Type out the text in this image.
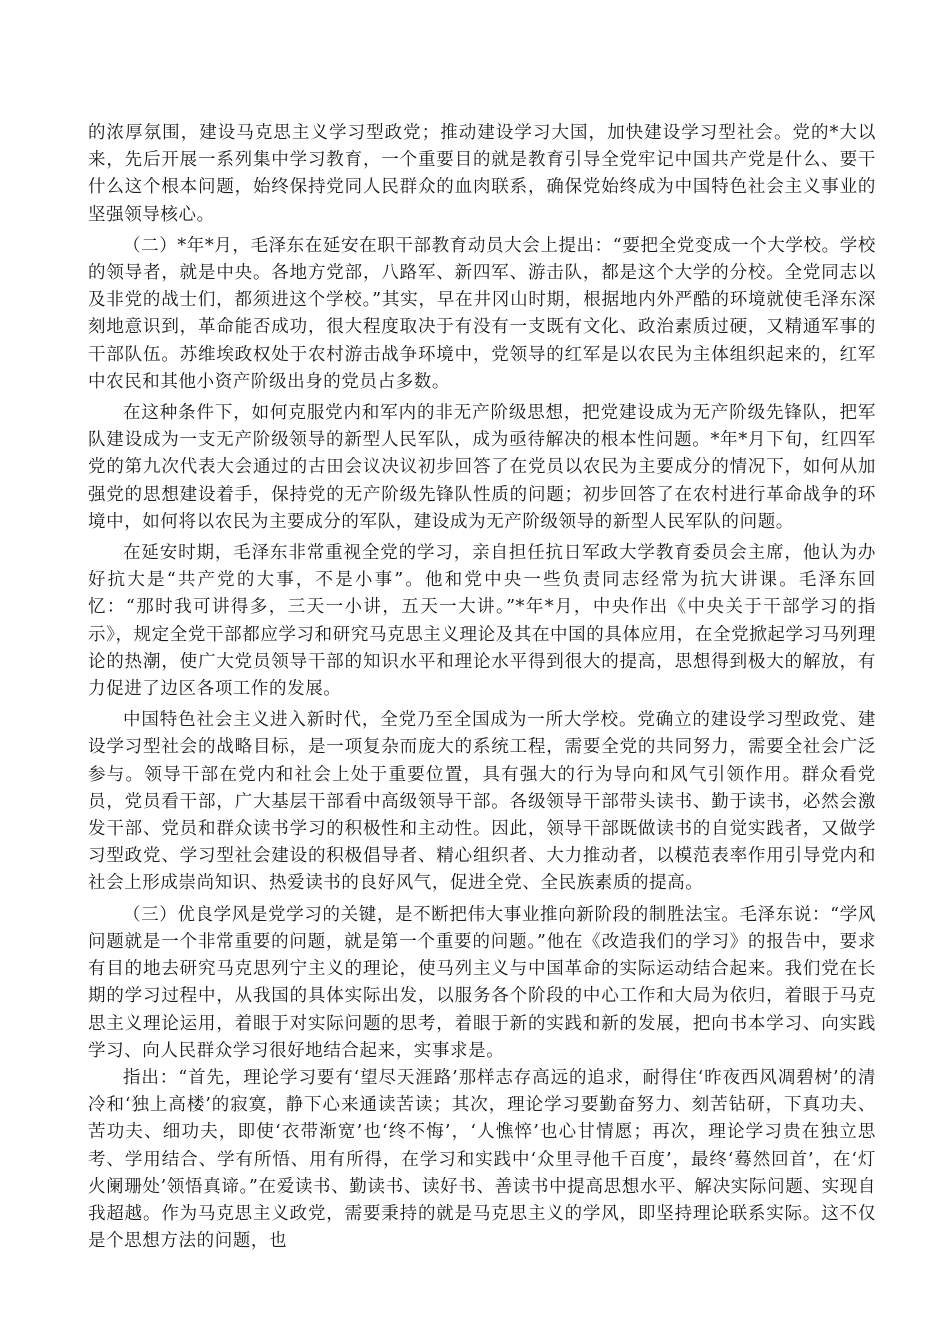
的浓厚氛围，建设马克思主义学习型政党；推动建设学习大国，加快建设学习型社会。党的*大以来，先后开展一系列集中学习教育，一个重要目的就是教育引导全党牢记中国共产党是什么、要干什么这个根本问题，始终保持党同人民群众的血肉联系，确保党始终成为中国特色社会主义事业的坚强领导核心。

（二）*年*月，毛泽东在延安在职干部教育动员大会上提出：“要把全党变成一个大学校。学校的领导者，就是中央。各地方党部，八路军、新四军、游击队，都是这个大学的分校。全党同志以及非党的战士们，都须进这个学校。”其实，早在井冈山时期，根据地内外严酷的环境就使毛泽东深刻地意识到，革命能否成功，很大程度取决于有没有一支既有文化、政治素质过硬，又精通军事的干部队伍。苏维埃政权处于农村游击战争环境中，党领导的红军是以农民为主体组织起来的，红军中农民和其他小资产阶级出身的党员占多数。

在这种条件下，如何克服党内和军内的非无产阶级思想，把党建设成为无产阶级先锋队，把军队建设成为一支无产阶级领导的新型人民军队，成为亟待解决的根本性问题。*年*月下旬，红四军党的第九次代表大会通过的古田会议决议初步回答了在党员以农民为主要成分的情况下，如何从加强党的思想建设着手，保持党的无产阶级先锋队性质的问题；初步回答了在农村进行革命战争的环境中，如何将以农民为主要成分的军队，建设成为无产阶级领导的新型人民军队的问题。

在延安时期，毛泽东非常重视全党的学习，亲自担任抗日军政大学教育委员会主席，他认为办好抗大是“共产党的大事，不是小事”。他和党中央一些负责同志经常为抗大讲课。毛泽东回忆：“那时我可讲得多，三天一小讲，五天一大讲。”*年*月，中央作出《中央关于干部学习的指示》，规定全党干部都应学习和研究马克思主义理论及其在中国的具体应用，在全党掀起学习马列理论的热潮，使广大党员领导干部的知识水平和理论水平得到很大的提高，思想得到极大的解放，有力促进了边区各项工作的发展。

中国特色社会主义进入新时代，全党乃至全国成为一所大学校。党确立的建设学习型政党、建设学习型社会的战略目标，是一项复杂而庞大的系统工程，需要全党的共同努力，需要全社会广泛参与。领导干部在党内和社会上处于重要位置，具有强大的行为导向和风气引领作用。群众看党员，党员看干部，广大基层干部看中高级领导干部。各级领导干部带头读书、勤于读书，必然会激发干部、党员和群众读书学习的积极性和主动性。因此，领导干部既做读书的自觉实践者，又做学习型政党、学习型社会建设的积极倡导者、精心组织者、大力推动者，以模范表率作用引导党内和社会上形成崇尚知识、热爱读书的良好风气，促进全党、全民族素质的提高。

（三）优良学风是党学习的关键，是不断把伟大事业推向新阶段的制胜法宝。毛泽东说：“学风问题就是一个非常重要的问题，就是第一个重要的问题。”他在《改造我们的学习》的报告中，要求有目的地去研究马克思列宁主义的理论，使马列主义与中国革命的实际运动结合起来。我们党在长期的学习过程中，从我国的具体实际出发，以服务各个阶段的中心工作和大局为依归，着眼于马克思主义理论运用，着眼于对实际问题的思考，着眼于新的实践和新的发展，把向书本学习、向实践学习、向人民群众学习很好地结合起来，实事求是。

指出：“首先，理论学习要有‘望尽天涯路’那样志存高远的追求，耐得住‘昨夜西风凋碧树’的清冷和‘独上高楼’的寂寞，静下心来通读苦读；其次，理论学习要勤奋努力、刻苦钻研，下真功夫、苦功夫、细功夫，即使‘衣带渐宽’也‘终不悔’，‘人憔悴’也心甘情愿；再次，理论学习贵在独立思考、学用结合、学有所悟、用有所得，在学习和实践中‘众里寻他千百度’，最终‘蓦然回首’，在‘灯火阑珊处’领悟真谛。”在爱读书、勤读书、读好书、善读书中提高思想水平、解决实际问题、实现自我超越。作为马克思主义政党，需要秉持的就是马克思主义的学风，即坚持理论联系实际。这不仅是个思想方法的问题，也
